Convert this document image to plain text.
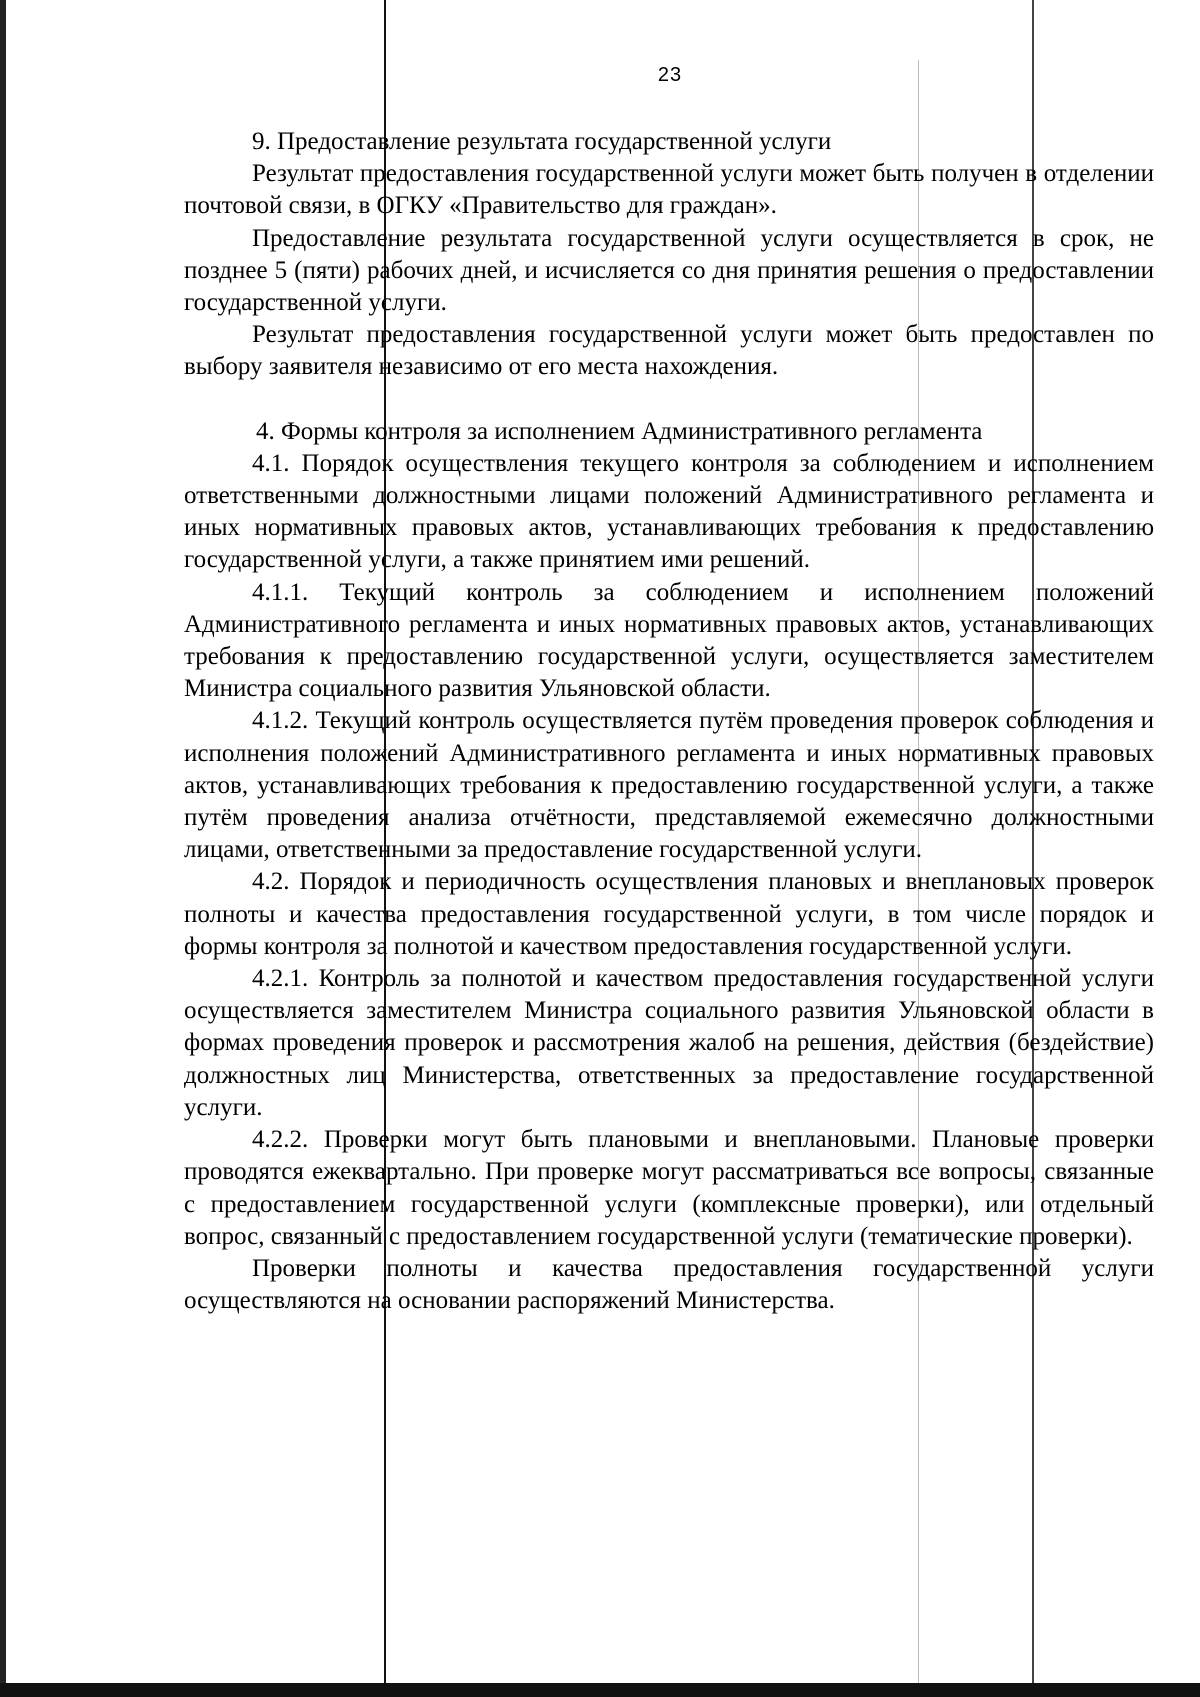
23

9. Предоставление результата государственной услуги

Результат предоставления государственной услуги может быть получен в отделении почтовой связи, в ОГКУ «Правительство для граждан».

Предоставление результата государственной услуги осуществляется в срок, не позднее 5 (пяти) рабочих дней, и исчисляется со дня принятия решения о предоставлении государственной услуги.

Результат предоставления государственной услуги может быть предоставлен по выбору заявителя независимо от его места нахождения.

4. Формы контроля за исполнением Административного регламента

4.1. Порядок осуществления текущего контроля за соблюдением и исполнением ответственными должностными лицами положений Административного регламента и иных нормативных правовых актов, устанавливающих требования к предоставлению государственной услуги, а также принятием ими решений.

4.1.1. Текущий контроль за соблюдением и исполнением положений Административного регламента и иных нормативных правовых актов, устанавливающих требования к предоставлению государственной услуги, осуществляется заместителем Министра социального развития Ульяновской области.

4.1.2. Текущий контроль осуществляется путём проведения проверок соблюдения и исполнения положений Административного регламента и иных нормативных правовых актов, устанавливающих требования к предоставлению государственной услуги, а также путём проведения анализа отчётности, представляемой ежемесячно должностными лицами, ответственными за предоставление государственной услуги.

4.2. Порядок и периодичность осуществления плановых и внеплановых проверок полноты и качества предоставления государственной услуги, в том числе порядок и формы контроля за полнотой и качеством предоставления государственной услуги.

4.2.1. Контроль за полнотой и качеством предоставления государственной услуги осуществляется заместителем Министра социального развития Ульяновской области в формах проведения проверок и рассмотрения жалоб на решения, действия (бездействие) должностных лиц Министерства, ответственных за предоставление государственной услуги.

4.2.2. Проверки могут быть плановыми и внеплановыми. Плановые проверки проводятся ежеквартально. При проверке могут рассматриваться все вопросы, связанные с предоставлением государственной услуги (комплексные проверки), или отдельный вопрос, связанный с предоставлением государственной услуги (тематические проверки).

Проверки полноты и качества предоставления государственной услуги осуществляются на основании распоряжений Министерства.
